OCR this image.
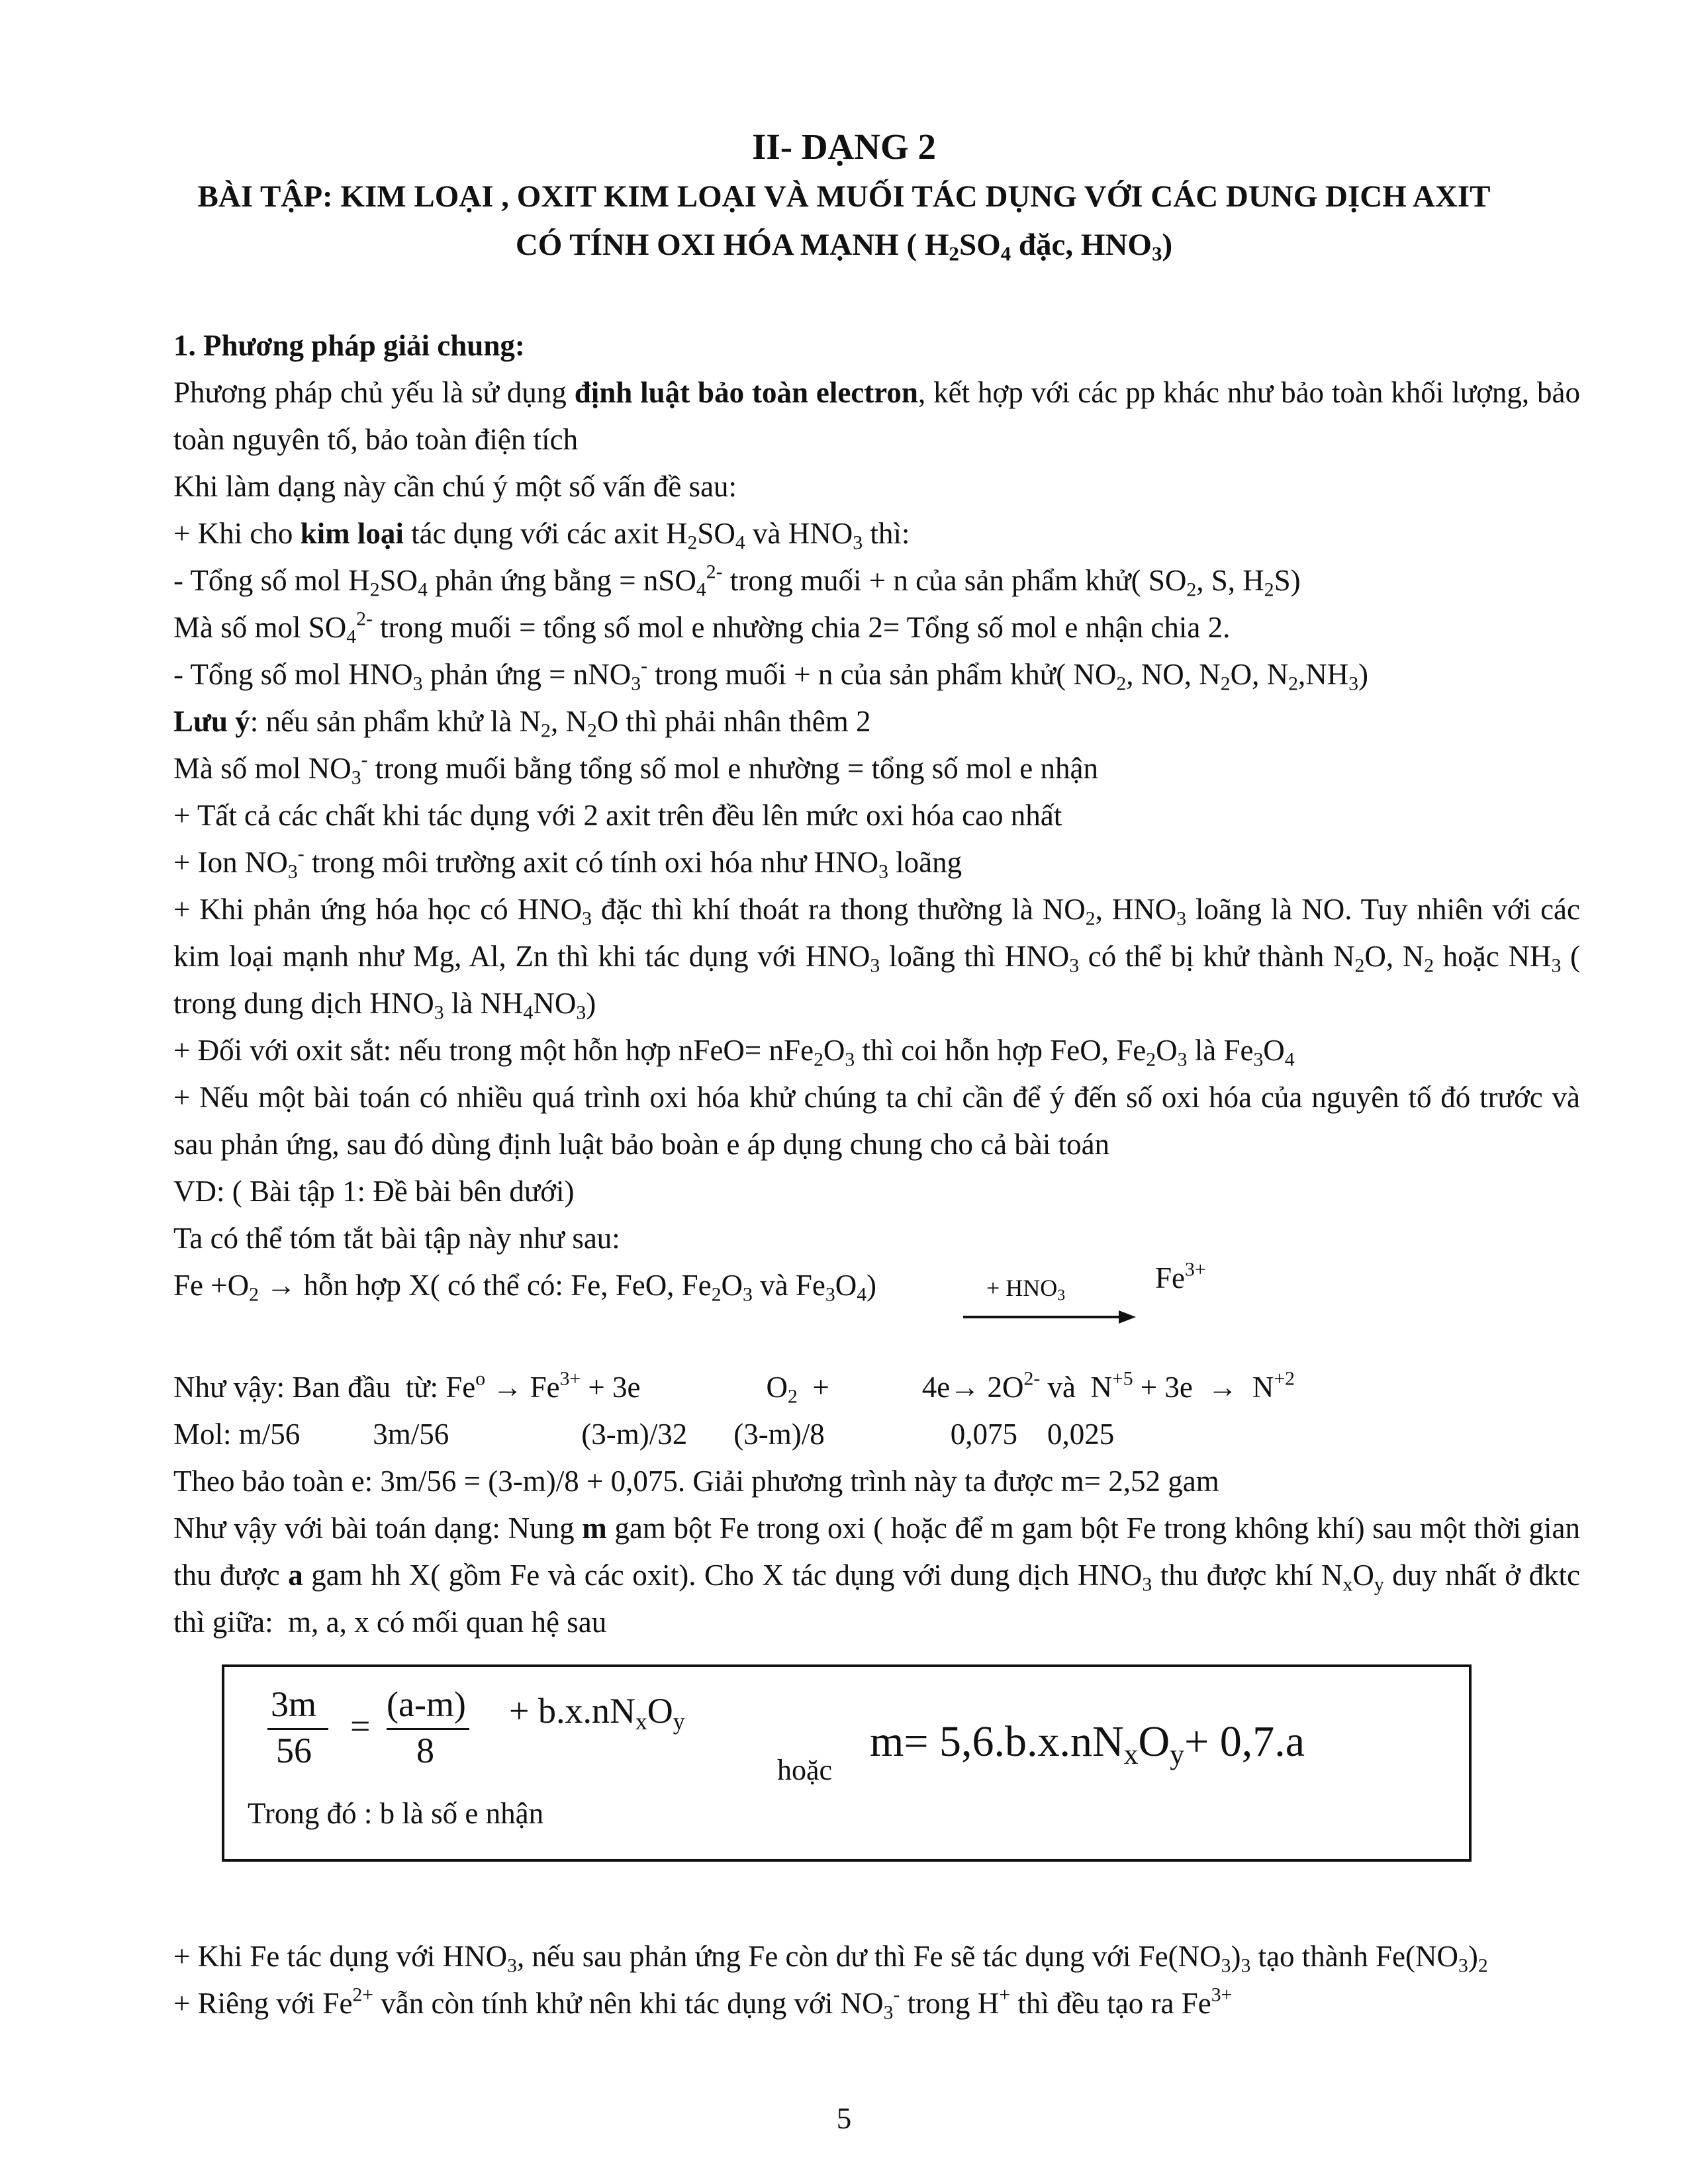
II- DẠNG 2
BÀI TẬP: KIM LOẠI , OXIT KIM LOẠI VÀ MUỐI TÁC DỤNG VỚI CÁC DUNG DỊCH AXIT
CÓ TÍNH OXI HÓA MẠNH ( $H_2SO_4$ đặc, $HNO_3$)

1. Phương pháp giải chung:

Phương pháp chủ yếu là sử dụng định luật bảo toàn electron, kết hợp với các pp khác như bảo toàn khối lượng, bảo toàn nguyên tố, bảo toàn điện tích

Khi làm dạng này cần chú ý một số vấn đề sau:

+ Khi cho kim loại tác dụng với các axit $H_2SO_4$ và $HNO_3$ thì:

- Tổng số mol $H_2SO_4$ phản ứng bằng = nSO$_4^{2-}$ trong muối + n của sản phẩm khử( $SO_2$, S, $H_2S$)

Mà số mol $SO_4^{2-}$ trong muối = tổng số mol e nhường chia 2= Tổng số mol e nhận chia 2.

- Tổng số mol $HNO_3$ phản ứng = nNO$_3$- trong muối + n của sản phẩm khử( $NO_2$, NO, $N_2O$, $N_2,NH_3$)

Lưu ý: nếu sản phẩm khử là $N_2$, $N_2O$ thì phải nhân thêm 2

Mà số mol $NO_3^-$ trong muối bằng tổng số mol e nhường = tổng số mol e nhận

+ Tất cả các chất khi tác dụng với 2 axit trên đều lên mức oxi hóa cao nhất

+ Ion $NO_3^-$ trong môi trường axit có tính oxi hóa như $HNO_3$ loãng

+ Khi phản ứng hóa học có $HNO_3$ đặc thì khí thoát ra thong thường là $NO_2$, $HNO_3$ loãng là NO. Tuy nhiên với các kim loại mạnh như Mg, Al, Zn thì khi tác dụng với $HNO_3$ loãng thì $HNO_3$ có thể bị khử thành $N_2O$, $N_2$ hoặc $NH_3$ ( trong dung dịch $HNO_3$ là $NH_4NO_3$)

+ Đối với oxit sắt: nếu trong một hỗn hợp nFeO= $nFe_2O_3$ thì coi hỗn hợp FeO, $Fe_2O_3$ là $Fe_3O_4$

+ Nếu một bài toán có nhiều quá trình oxi hóa khử chúng ta chỉ cần để ý đến số oxi hóa của nguyên tố đó trước và sau phản ứng, sau đó dùng định luật bảo boàn e áp dụng chung cho cả bài toán

VD: ( Bài tập 1: Đề bài bên dưới)

Ta có thể tóm tắt bài tập này như sau:

$Fe +O_2$ → hỗn hợp X( có thể có: Fe, FeO, $Fe_2O_3$ và $Fe_3O_4$)	+ $HNO_3$
$Fe^{3+}$

Như vậy: Ban đầu  từ: $Fe^o \to Fe^{3+} + 3e$	$O_2$  +	$4e\to 2O^{2-}$ và  $N^{+5} + 3e \to N^{+2}$

Mol: m/56 3m/56	(3-m)/32 (3-m)/8	0,075    0,025

Theo bảo toàn e: 3m/56 = (3-m)/8 + 0,075. Giải phương trình này ta được m= 2,52 gam

Như vậy với bài toán dạng: Nung m gam bột Fe trong oxi ( hoặc để m gam bột Fe trong không khí) sau một thời gian thu được a gam hh X( gồm Fe và các oxit). Cho X tác dụng với dung dịch $HNO_3$ thu được khí $N_xO_y$ duy nhất ở đktc thì giữa:  m, a, x có mối quan hệ sau

3m
56
=
(a-m)
8
+ $b.x.nN_xO_y$
hoặc
$m= 5,6.b.x.nN_xO_y+ 0,7.a$
Trong đó : b là số e nhận

+ Khi Fe tác dụng với $HNO_3$, nếu sau phản ứng Fe còn dư thì Fe sẽ tác dụng với $Fe(NO_3)_3$ tạo thành $Fe(NO_3)_2$

+ Riêng với $Fe^{2+}$ vẫn còn tính khử nên khi tác dụng với $NO_3^-$ trong H+ thì đều tạo ra $Fe^{3+}$

5
